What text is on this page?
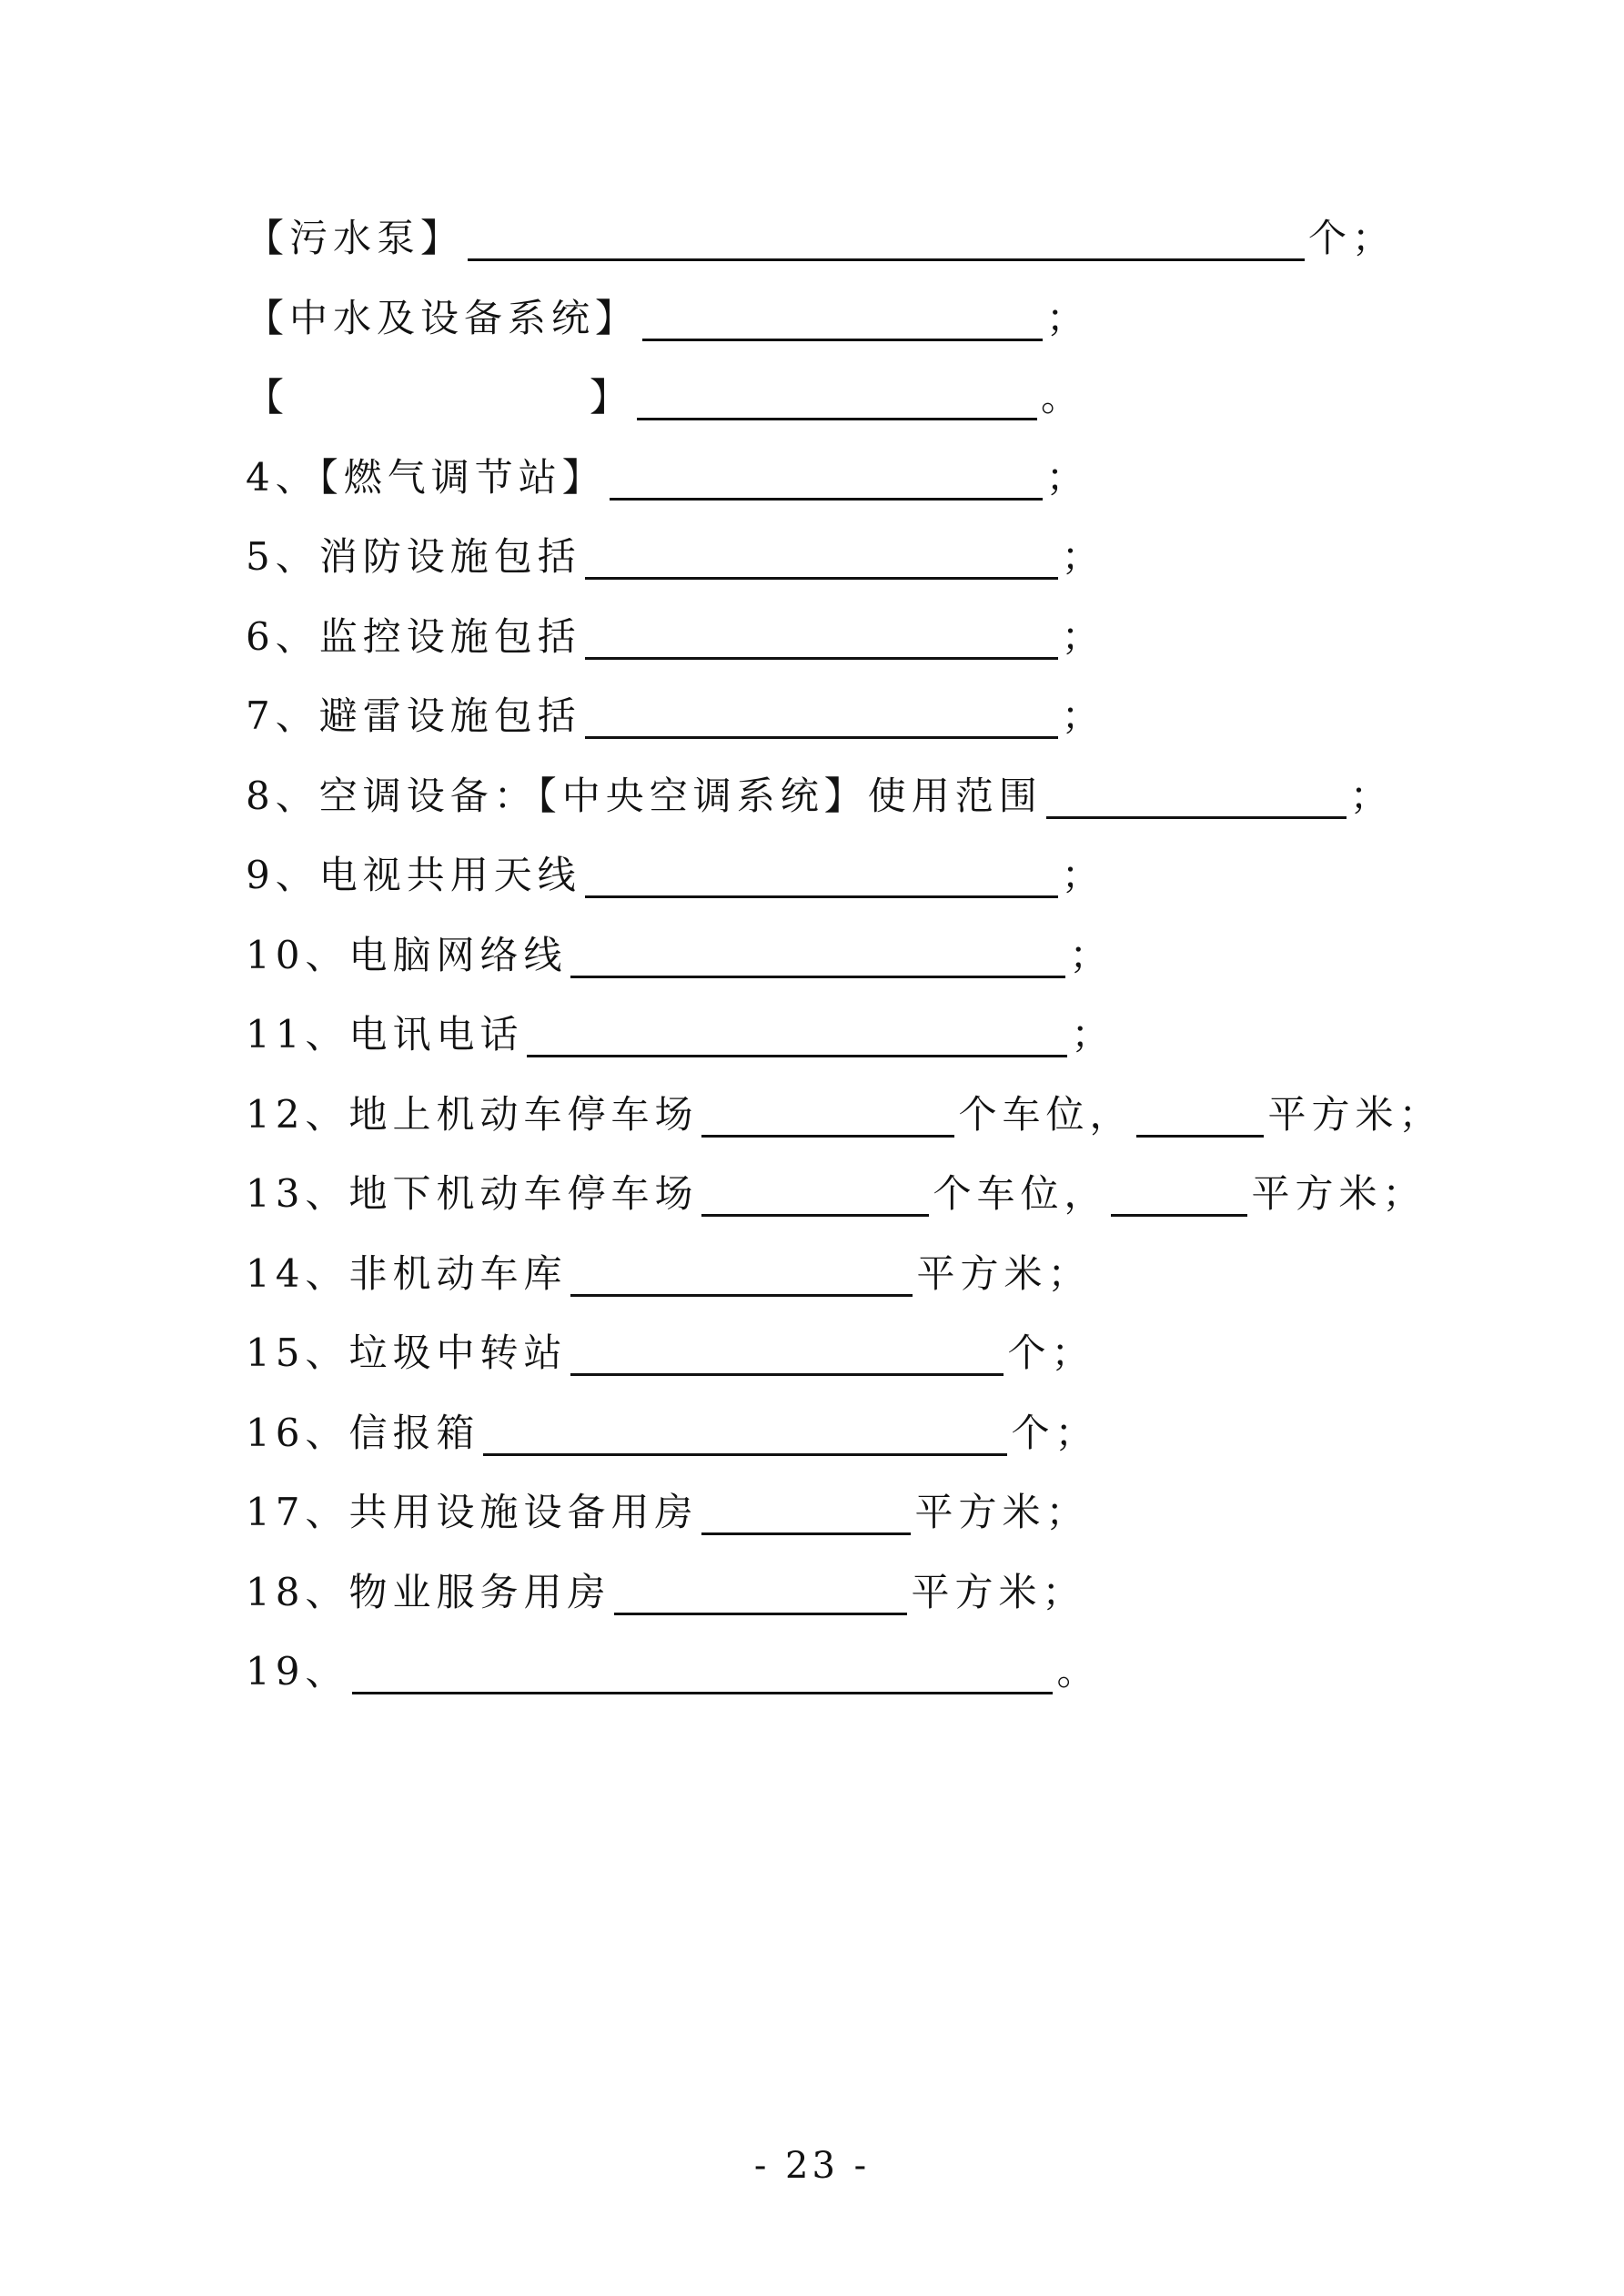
【污水泵】	个；
【中水及设备系统】	；
【	】	。
4、【燃气调节站】	；
5、消防设施包括	；
6、监控设施包括	；
7、避雷设施包括	；
8、空调设备：【中央空调系统】使用范围	；
9、电视共用天线	；
10、电脑网络线	；
11、电讯电话	；
12、地上机动车停车场	个车位，	平方米；
13、地下机动车停车场	个车位，	平方米；
14、非机动车库	平方米；
15、垃圾中转站	个；
16、信报箱	个；
17、共用设施设备用房	平方米；
18、物业服务用房	平方米；
19、	。
- 23 -
